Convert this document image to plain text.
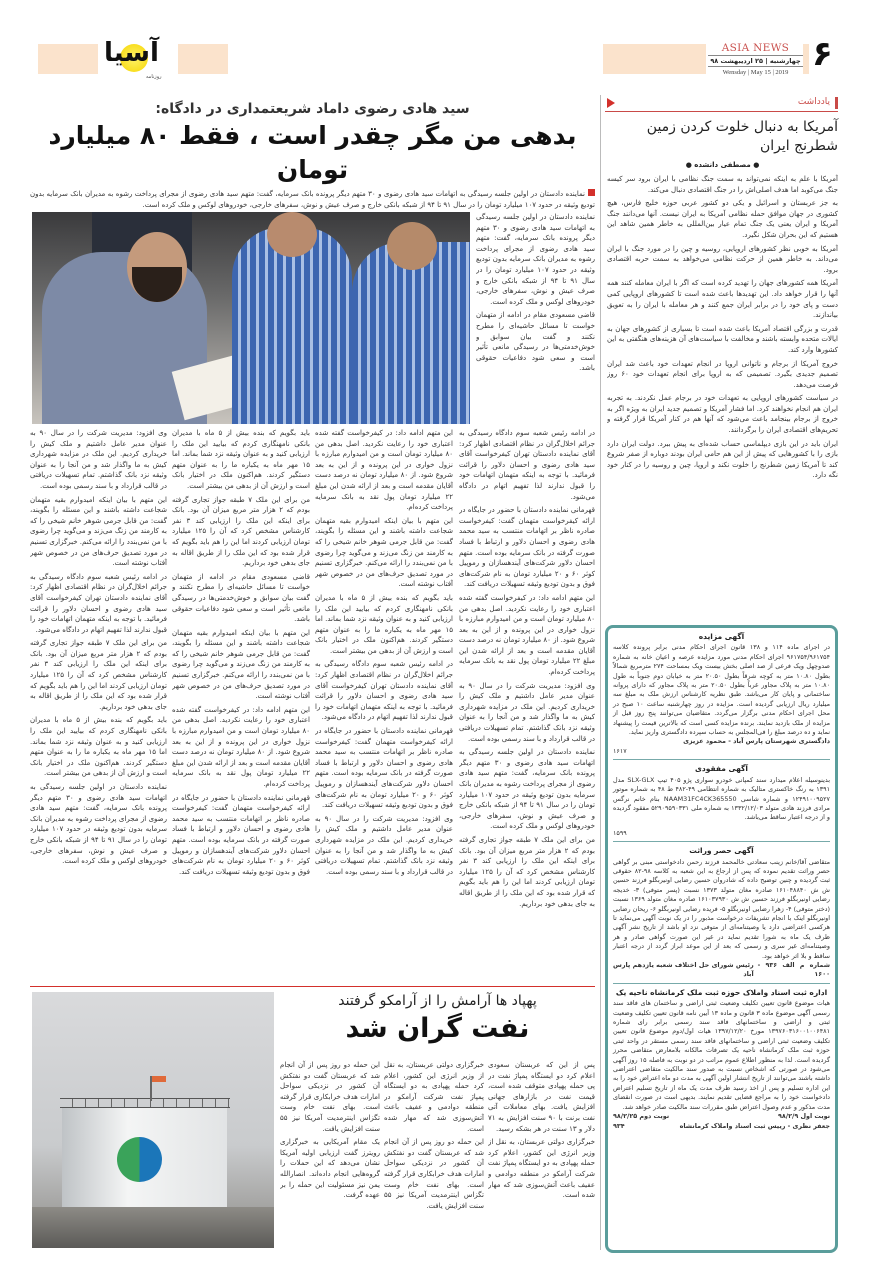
آسیا
روزنامه
ASIA NEWS
چهارشنبه | ۲۵ اردیبهشت ۹۸
Wensday | May 15 | 2019 ۶
یادداشت
آمریکا به دنبال خلوت کردن زمین شطرنج ایران
● مصطفی دانشده ●

آمریکا با علم به اینکه نمی‌تواند به سمت جنگ نظامی با ایران برود سر کیسه جنگ می‌کوبد اما هدف اصلی‌اش را در جنگ اقتصادی دنبال می‌کند.

به جز عربستان و اسرائیل و یکی دو کشور عربی حوزه خلیج فارس، هیچ کشوری در جهان موافق حمله نظامی آمریکا به ایران نیست. آنها می‌دانند جنگ آمریکا و ایران یعنی یک جنگ تمام عیار بین‌المللی به خاطر همین شاهد این هستیم که این بحران شکل نگیرد.

آمریکا به خوبی نظر کشورهای اروپایی، روسیه و چین را در مورد جنگ با ایران می‌داند. به خاطر همین از حرکت نظامی می‌خواهد به سمت حربه اقتصادی برود.

آمریکا همه کشورهای جهان را تهدید کرده است که اگر با ایران معامله کنند همه آنها را قرار خواهد داد. این تهدیدها باعث شده است تا کشورهای اروپایی کمی دست و پای خود را در برابر ایران جمع کنند و هر معامله با ایران را به تعویق بیاندازند.

قدرت و بزرگی اقتصاد آمریکا باعث شده است تا بسیاری از کشورهای جهان به ایالات متحده وابسته باشند و مخالفت با سیاست‌های آن هزینه‌های هنگفتی به این کشورها وارد کند.

خروج آمریکا از برجام و ناتوانی اروپا در انجام تعهدات خود باعث شد ایران تصمیم جدیدی بگیرد. تصمیمی که به اروپا برای انجام تعهدات خود ۶۰ روز فرصت می‌دهد.

در سیاست کشورهای اروپایی به تعهدات خود در برجام عمل نکردند. به تجربه ایران هم انجام نخواهند کرد. اما فشار آمریکا و تصمیم جدید ایران به ویژه اگر به خروج از برجام بینجامد باعث می‌شود که آنها هم در کنار آمریکا قرار گرفته و تحریم‌های اقتصادی ایران را برگردانند.

ایران باید در این بازی دیپلماسی حساب شده‌ای به پیش ببرد. دولت ایران دارد بازی را با کشورهایی که پیش از این هم حامی ایران بودند دوباره از صفر شروع کند تا آمریکا زمین شطرنج را خلوت نکند و اروپا، چین و روسیه را در کنار خود نگه دارد.

آگهی مزایده
در اجرای ماده ۱۱۴ و ۱۳۸ قانون اجرای احکام مدنی برابر پرونده کلاسه ۹۶۱۷۵۴/۹۶۱۷۵۴ اجرای احکام مدنی مورد مزایده عرصه و اعیان خانه به شماره صدوچهل ویک فرعی از صد اصلی بخش بیست ویک بمساحت ۲۷۴ مترمربع شمالاً بطول ۱۰.۸۰ متر به کوچه شرقاً بطول ۲۰.۵۰ متر به خیابان دوم جنوباً به طول ۱۰.۸۰ متر به پلاک مجاور غرباً بطول ۲۰.۵۰ متر به پلاک مجاور که دارای پروانه ساختمانی و پایان کار می‌باشد. طبق نظریه کارشناس ارزش ملک به مبلغ سه میلیارد ریال ارزیابی گردیده است. مزایده در روز چهارشنبه ساعت ۱۰ صبح در محل اجرای احکام مدنی برگزار می‌گردد. متقاضیان می‌توانند پنج روز قبل از مزایده از ملک بازدید نمایند. برنده مزایده کسی است که بالاترین قیمت را پیشنهاد نماید و ده درصد مبلغ را فی‌المجلس به حساب سپرده دادگستری واریز نماید.
دادگستری شهرستان پارس آباد - محمود عزیزی
۱۶۱۷
آگهی مفقودی
بدینوسیله اعلام میدارد سند کمپانی خودرو سواری پژو ۴۰۵ تیپ SLX-GLX مدل ۱۳۹۱ به رنگ خاکستری متالیک به شماره انتظامی ۴۹-۴۸۲ ط ۴۸ به شماره موتور ۱۲۴۹۱۰۰۹۵۲۷ و شماره شاسی NAAM31FC4CK365550 بنام خانم نرگس مرادی فرزند هادی متولد ۱۳۳۲/۱۲/۰۳ به شماره ملی ۵۲۹۰۹۵۹۰۳۳۱ مفقود گردیده و از درجه اعتبار ساقط می‌باشد.
۱۵۹۹
آگهی حصر وراثت
متقاضی آقا/خانم زینب سعادتی خالمحمد فرزند رحمن دادخواستی مبنی بر گواهی حصر وراثت تقدیم نموده که پس از ارجاع به این شعبه به کلاسه ۹۸-۸۲ حقوقی ثبت گردیده و چنین توضیح داده که شادروان حسین رضایی اونیربگلو فرزند حسین ش ش ۱۶۱۰۴۸۸۴۰ صادره مغان متولد ۱۳۷۳ نسبت (پسر متوفی) ۳- خدیجه رضایی اونیربگلو فرزند حسین ش ش ۱۶۱۰۳۷۹۳۰ صادره مغان متولد ۱۳۶۹ نسبت (دختر متوفی) ۴- زهرا رضایی اونیربگلو ۵- فریده رضایی اونیربگلو ۶- ریحان رضایی اونیربگلو اینک با انجام تشریفات درخواست مذبور را در یک نوبت آگهی می‌نماید تا هرکسی اعتراضی دارد یا وصیتنامه‌ای از متوفی نزد او باشد از تاریخ نشر آگهی ظرف یک ماه به شورا تقدیم نماید در غیر این صورت گواهی صادر و هر وصیتنامه‌ای غیر سری و رسمی که بعد از این موعد ابراز گردد از درجه اعتبار ساقط و بلا اثر خواهد بود.
شماره م الف ۹۳۶ - ۱۶۰۰
رئیس شورای حل اختلاف شعبه یازدهم پارس آباد
اداره ثبت اسناد واملاک حوزه ثبت ملک کرمانشاه ناحیه یک
هیات موضوع قانون تعیین تکلیف وضعیت ثبتی اراضی و ساختمان های فاقد سند رسمی آگهی موضوع ماده ۳ قانون و ماده ۱۳ آیین نامه قانون تعیین تکلیف وضعیت ثبتی و اراضی و ساختمانهای فاقد سند رسمی برابر رای شماره ۱۳۹۷۶۰۳۱۶۰۰۱۰۰۶۴۸۱ مورخ ۱۳۹۷/۱۲/۲۰ هیات اول/دوم موضوع قانون تعیین تکلیف وضعیت ثبتی اراضی و ساختمانهای فاقد سند رسمی مستقر در واحد ثبتی حوزه ثبت ملک کرمانشاه ناحیه یک تصرفات مالکانه بلامعارض متقاضی محرز گردیده است. لذا به منظور اطلاع عموم مراتب در دو نوبت به فاصله ۱۵ روز آگهی می‌شود در صورتی که اشخاص نسبت به صدور سند مالکیت متقاضی اعتراضی داشته باشند می‌توانند از تاریخ انتشار اولین آگهی به مدت دو ماه اعتراض خود را به این اداره تسلیم و پس از اخذ رسید ظرف مدت یک ماه از تاریخ تسلیم اعتراض دادخواست خود را به مراجع قضایی تقدیم نمایند. بدیهی است در صورت انقضای مدت مذکور و عدم وصول اعتراض طبق مقررات سند مالکیت صادر خواهد شد.
نوبت اول ۹۸/۲/۹
نوبت دوم ۹۸/۲/۲۵
جعفر نظری - رییس ثبت اسناد واملاک کرمانشاه
۹۳۴
سید هادی رضوی داماد شریعتمداری در دادگاه:
بدهی من مگر چقدر است ، فقط ۸۰ میلیارد تومان
نماینده دادستان در اولین جلسه رسیدگی به اتهامات سید هادی رضوی و ۳۰ متهم دیگر پرونده بانک سرمایه، گفت: متهم سید هادی رضوی از مجرای پرداخت رشوه به مدیران بانک سرمایه بدون توديع وثيقه در حدود ۱۰۷ میلیارد تومان را در سال ۹۱ تا ۹۴ از شبکه بانکی خارج و صرف عیش و نوش، سفرهای خارجی، خودروهای لوکس و ملک کرده است.

نماینده دادستان در اولین جلسه رسیدگی به اتهامات سید هادی رضوی و ۳۰ متهم دیگر پرونده بانک سرمایه، گفت: متهم سید هادی رضوی از مجرای پرداخت رشوه به مدیران بانک سرمایه بدون توديع وثيقه در حدود ۱۰۷ میلیارد تومان را در سال ۹۱ تا ۹۴ از شبکه بانکی خارج و صرف عیش و نوش، سفرهای خارجی، خودروهای لوکس و ملک کرده است.

قاضی مسعودی مقام در ادامه از متهمان خواست تا مسائل حاشیه‌ای را مطرح نکنند و گفت بیان سوابق و خوش‌خدمتی‌ها در رسیدگی مانعی تأثیر است و سعی شود دفاعیات حقوقی باشد.

در ادامه رئیس شعبه سوم دادگاه رسیدگی به جرائم اخلال‌گران در نظام اقتصادی اظهار کرد: آقای نماینده دادستان تهران کیفرخواست آقای سید هادی رضوی و احسان دلاور را قرائت فرمائید. با توجه به اینکه متهمان اتهامات خود را قبول ندارند لذا تفهیم اتهام در دادگاه می‌شود.

قهرمانی نماینده دادستان با حضور در جایگاه در ارائه کیفرخواست متهمان گفت: کیفرخواست صادره ناظر بر اتهامات منتسب به سید محمد هادی رضوی و احسان دلاور و ارتباط با فساد صورت گرفته در بانک سرمایه بوده است. متهم احسان دلاور شرکت‌های آیندهسازان و رموپیل کوثر ۶۰ و ۲۰ میلیارد تومان به نام شرکت‌های فوق و بدون توديع وثیقه تسهیلات دریافت کند.

این متهم ادامه داد: در کیفرخواست گفته شده اعتباری خود را رعایت نکردید. اصل بدهی من ۸۰ میلیارد تومان است و من امیدوارم مبارزه با نزول خواری در این پرونده و از این به بعد شروع شود. از ۸۰ میلیارد تومان نه درصد دست آقایان مقدمه است و بعد از ارائه شدن این مبلغ ۲۲ میلیارد تومان پول نقد به بانک سرمایه پرداخت کرده‌ام.

وی افزود: مدیریت شرکت را در سال ۹۰ به عنوان مدیر عامل داشتیم و ملک کیش را خریداری کردیم. این ملک در مزایده شهرداری کیش به ما واگذار شد و من آنجا را به عنوان وثیقه نزد بانک گذاشتم. تمام تسهیلات دریافتی در قالب قرارداد و با سند رسمی بوده است.

نماینده دادستان در اولین جلسه رسیدگی به اتهامات سید هادی رضوی و ۳۰ متهم دیگر پرونده بانک سرمایه، گفت: متهم سید هادی رضوی از مجرای پرداخت رشوه به مدیران بانک سرمایه بدون توديع وثيقه در حدود ۱۰۷ میلیارد تومان را در سال ۹۱ تا ۹۴ از شبکه بانکی خارج و صرف عیش و نوش، سفرهای خارجی، خودروهای لوکس و ملک کرده است.

من برای این ملک ۷ طبقه جواز تجاری گرفته بودم که ۲ هزار متر مربع میزان آن بود. بانک برای اینکه این ملک را ارزیابی کند ۳ نفر کارشناس مشخص کرد که آن را ۱۲۵ میلیارد تومان ارزیابی کردند اما این را هم باید بگویم که قرار شده بود که این ملک را از طریق اقاله به جای بدهی خود برداریم.

این متهم ادامه داد: در کیفرخواست گفته شده اعتباری خود را رعایت نکردید. اصل بدهی من ۸۰ میلیارد تومان است و من امیدوارم مبارزه با نزول خواری در این پرونده و از این به بعد شروع شود. از ۸۰ میلیارد تومان نه درصد دست آقایان مقدمه است و بعد از ارائه شدن این مبلغ ۲۲ میلیارد تومان پول نقد به بانک سرمایه پرداخت کرده‌ام.

این متهم با بیان اینکه امیدوارم بقیه متهمان شجاعت داشته باشند و این مسئله را بگویند، گفت: من قابل جرمی شوهر خانم شیخی را که به کارمند من زنگ می‌زند و می‌گوید چرا رضوی با من نمی‌بندد را ارائه می‌کنم. خبرگزاری تسنیم در مورد تصدیق حرف‌های من در خصوص شهر آفتاب نوشته است.

بايد بگویم که بنده بیش از ۵ ماه با مدیران بانکی نامهنگاری کردم که بیایید این ملک را ارزیابی کنید و به عنوان وثیقه نزد شما بماند. اما ۱۵ مهر ماه به یکباره ما را به عنوان متهم دستگیر کردند. هم‌اکنون ملک در اختیار بانک است و ارزش آن از بدهی من بیشتر است.

در ادامه رئیس شعبه سوم دادگاه رسیدگی به جرائم اخلال‌گران در نظام اقتصادی اظهار کرد: آقای نماینده دادستان تهران کیفرخواست آقای سید هادی رضوی و احسان دلاور را قرائت فرمائید. با توجه به اینکه متهمان اتهامات خود را قبول ندارند لذا تفهیم اتهام در دادگاه می‌شود.

قهرمانی نماینده دادستان با حضور در جایگاه در ارائه کیفرخواست متهمان گفت: کیفرخواست صادره ناظر بر اتهامات منتسب به سید محمد هادی رضوی و احسان دلاور و ارتباط با فساد صورت گرفته در بانک سرمایه بوده است. متهم احسان دلاور شرکت‌های آیندهسازان و رموپیل کوثر ۶۰ و ۲۰ میلیارد تومان به نام شرکت‌های فوق و بدون توديع وثیقه تسهیلات دریافت کند.

وی افزود: مدیریت شرکت را در سال ۹۰ به عنوان مدیر عامل داشتیم و ملک کیش را خریداری کردیم. این ملک در مزایده شهرداری کیش به ما واگذار شد و من آنجا را به عنوان وثیقه نزد بانک گذاشتم. تمام تسهیلات دریافتی در قالب قرارداد و با سند رسمی بوده است.

بايد بگویم که بنده بیش از ۵ ماه با مدیران بانکی نامهنگاری کردم که بیایید این ملک را ارزیابی کنید و به عنوان وثیقه نزد شما بماند. اما ۱۵ مهر ماه به یکباره ما را به عنوان متهم دستگیر کردند. هم‌اکنون ملک در اختیار بانک است و ارزش آن از بدهی من بیشتر است.

من برای این ملک ۷ طبقه جواز تجاری گرفته بودم که ۲ هزار متر مربع میزان آن بود. بانک برای اینکه این ملک را ارزیابی کند ۳ نفر کارشناس مشخص کرد که آن را ۱۲۵ میلیارد تومان ارزیابی کردند اما این را هم باید بگویم که قرار شده بود که این ملک را از طریق اقاله به جای بدهی خود برداریم.

قاضی مسعودی مقام در ادامه از متهمان خواست تا مسائل حاشیه‌ای را مطرح نکنند و گفت بیان سوابق و خوش‌خدمتی‌ها در رسیدگی مانعی تأثیر است و سعی شود دفاعیات حقوقی باشد.

این متهم با بیان اینکه امیدوارم بقیه متهمان شجاعت داشته باشند و این مسئله را بگویند، گفت: من قابل جرمی شوهر خانم شیخی را که به کارمند من زنگ می‌زند و می‌گوید چرا رضوی با من نمی‌بندد را ارائه می‌کنم. خبرگزاری تسنیم در مورد تصدیق حرف‌های من در خصوص شهر آفتاب نوشته است.

این متهم ادامه داد: در کیفرخواست گفته شده اعتباری خود را رعایت نکردید. اصل بدهی من ۸۰ میلیارد تومان است و من امیدوارم مبارزه با نزول خواری در این پرونده و از این به بعد شروع شود. از ۸۰ میلیارد تومان نه درصد دست آقایان مقدمه است و بعد از ارائه شدن این مبلغ ۲۲ میلیارد تومان پول نقد به بانک سرمایه پرداخت کرده‌ام.

قهرمانی نماینده دادستان با حضور در جایگاه در ارائه کیفرخواست متهمان گفت: کیفرخواست صادره ناظر بر اتهامات منتسب به سید محمد هادی رضوی و احسان دلاور و ارتباط با فساد صورت گرفته در بانک سرمایه بوده است. متهم احسان دلاور شرکت‌های آیندهسازان و رموپیل کوثر ۶۰ و ۲۰ میلیارد تومان به نام شرکت‌های فوق و بدون توديع وثیقه تسهیلات دریافت کند.

وی افزود: مدیریت شرکت را در سال ۹۰ به عنوان مدیر عامل داشتیم و ملک کیش را خریداری کردیم. این ملک در مزایده شهرداری کیش به ما واگذار شد و من آنجا را به عنوان وثیقه نزد بانک گذاشتم. تمام تسهیلات دریافتی در قالب قرارداد و با سند رسمی بوده است.

این متهم با بیان اینکه امیدوارم بقیه متهمان شجاعت داشته باشند و این مسئله را بگویند، گفت: من قابل جرمی شوهر خانم شیخی را که به کارمند من زنگ می‌زند و می‌گوید چرا رضوی با من نمی‌بندد را ارائه می‌کنم. خبرگزاری تسنیم در مورد تصدیق حرف‌های من در خصوص شهر آفتاب نوشته است.

در ادامه رئیس شعبه سوم دادگاه رسیدگی به جرائم اخلال‌گران در نظام اقتصادی اظهار کرد: آقای نماینده دادستان تهران کیفرخواست آقای سید هادی رضوی و احسان دلاور را قرائت فرمائید. با توجه به اینکه متهمان اتهامات خود را قبول ندارند لذا تفهیم اتهام در دادگاه می‌شود.

من برای این ملک ۷ طبقه جواز تجاری گرفته بودم که ۲ هزار متر مربع میزان آن بود. بانک برای اینکه این ملک را ارزیابی کند ۳ نفر کارشناس مشخص کرد که آن را ۱۲۵ میلیارد تومان ارزیابی کردند اما این را هم باید بگویم که قرار شده بود که این ملک را از طریق اقاله به جای بدهی خود برداریم.

بايد بگویم که بنده بیش از ۵ ماه با مدیران بانکی نامهنگاری کردم که بیایید این ملک را ارزیابی کنید و به عنوان وثیقه نزد شما بماند. اما ۱۵ مهر ماه به یکباره ما را به عنوان متهم دستگیر کردند. هم‌اکنون ملک در اختیار بانک است و ارزش آن از بدهی من بیشتر است.

نماینده دادستان در اولین جلسه رسیدگی به اتهامات سید هادی رضوی و ۳۰ متهم دیگر پرونده بانک سرمایه، گفت: متهم سید هادی رضوی از مجرای پرداخت رشوه به مدیران بانک سرمایه بدون توديع وثيقه در حدود ۱۰۷ میلیارد تومان را در سال ۹۱ تا ۹۴ از شبکه بانکی خارج و صرف عیش و نوش، سفرهای خارجی، خودروهای لوکس و ملک کرده است.

پهپاد ها آرامش را از آرامکو گرفتند
نفت گران شد

پس از این که عربستان سعودی اعلام کرد دو ایستگاه پمپاژ نفت در پی حمله پهپادی متوقف شده است، قیمت نفت در بازارهای جهانی افزایش یافت. بهای معاملات آتی نفت برنت با ۹۰ سنت افزایش به ۷۱ دلار و ۱۳ سنت در هر بشکه رسید.

خبرگزاری دولتی عربستان، به نقل از وزیر انرژی این کشور، اعلام کرد حمله پهپادی به دو ایستگاه پمپاژ نفت شرکت آرامکو در منطقه دوادمی و عفیف باعث آتش‌سوزی شد که مهار شده است.

خبرگزاری دولتی عربستان، به نقل از وزیر انرژی این کشور، اعلام کرد حمله پهپادی به دو ایستگاه پمپاژ نفت شرکت آرامکو در منطقه دوادمی و عفیف باعث آتش‌سوزی شد که مهار شده است.

این حمله دو روز پس از آن انجام شد که عربستان گفت دو نفتکش آن کشور در نزدیکی سواحل امارات هدف خرابکاری قرار گرفته است. بهای نفت خام وست تگزاس اینترمدیت آمریکا نیز ۵۵ سنت افزایش یافت.

این حمله دو روز پس از آن انجام شد که عربستان گفت دو نفتکش آن کشور در نزدیکی سواحل امارات هدف خرابکاری قرار گرفته است. بهای نفت خام وست تگزاس اینترمدیت آمریکا نیز ۵۵ سنت افزایش یافت.

یک مقام آمریکایی به خبرگزاری رویترز گفت ارزیابی اولیه آمریکا نشان می‌دهد که این حملات را گروه‌هایی انجام داده‌اند. انصارالله یمن نیز مسئولیت این حمله را بر عهده گرفت.
